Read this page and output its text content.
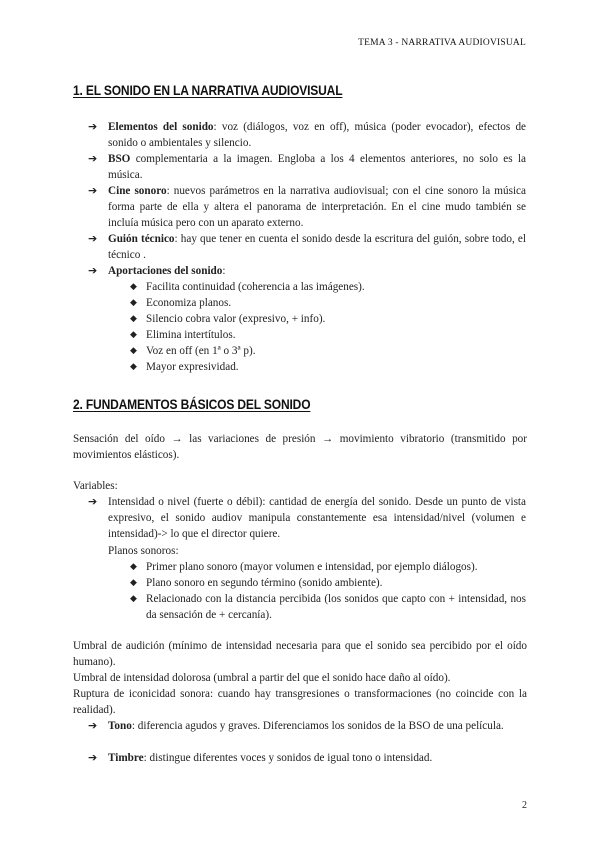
TEMA 3 - NARRATIVA AUDIOVISUAL
1. EL SONIDO EN LA NARRATIVA AUDIOVISUAL
➔ Elementos del sonido: voz (diálogos, voz en off), música (poder evocador), efectos de sonido o ambientales y silencio.
➔ BSO complementaria a la imagen. Engloba a los 4 elementos anteriores, no solo es la música.
➔ Cine sonoro: nuevos parámetros en la narrativa audiovisual; con el cine sonoro la música forma parte de ella y altera el panorama de interpretación. En el cine mudo también se incluía música pero con un aparato externo.
➔ Guión técnico: hay que tener en cuenta el sonido desde la escritura del guión, sobre todo, el técnico .
➔ Aportaciones del sonido:
◆ Facilita continuidad (coherencia a las imágenes).
◆ Economiza planos.
◆ Silencio cobra valor (expresivo, + info).
◆ Elimina intertítulos.
◆ Voz en off (en 1ª o 3ª p).
◆ Mayor expresividad.
2. FUNDAMENTOS BÁSICOS DEL SONIDO
Sensación del oído → las variaciones de presión → movimiento vibratorio (transmitido por movimientos elásticos).
Variables:
➔ Intensidad o nivel (fuerte o débil): cantidad de energía del sonido. Desde un punto de vista expresivo, el sonido audiov manipula constantemente esa intensidad/nivel (volumen e intensidad)-> lo que el director quiere.
Planos sonoros:
◆ Primer plano sonoro (mayor volumen e intensidad, por ejemplo diálogos).
◆ Plano sonoro en segundo término (sonido ambiente).
◆ Relacionado con la distancia percibida (los sonidos que capto con + intensidad, nos da sensación de + cercanía).
Umbral de audición (mínimo de intensidad necesaria para que el sonido sea percibido por el oído humano).
Umbral de intensidad dolorosa (umbral a partir del que el sonido hace daño al oído).
Ruptura de iconicidad sonora: cuando hay transgresiones o transformaciones (no coincide con la realidad).
➔ Tono: diferencia agudos y graves. Diferenciamos los sonidos de la BSO de una película.
➔ Timbre: distingue diferentes voces y sonidos de igual tono o intensidad.
2
